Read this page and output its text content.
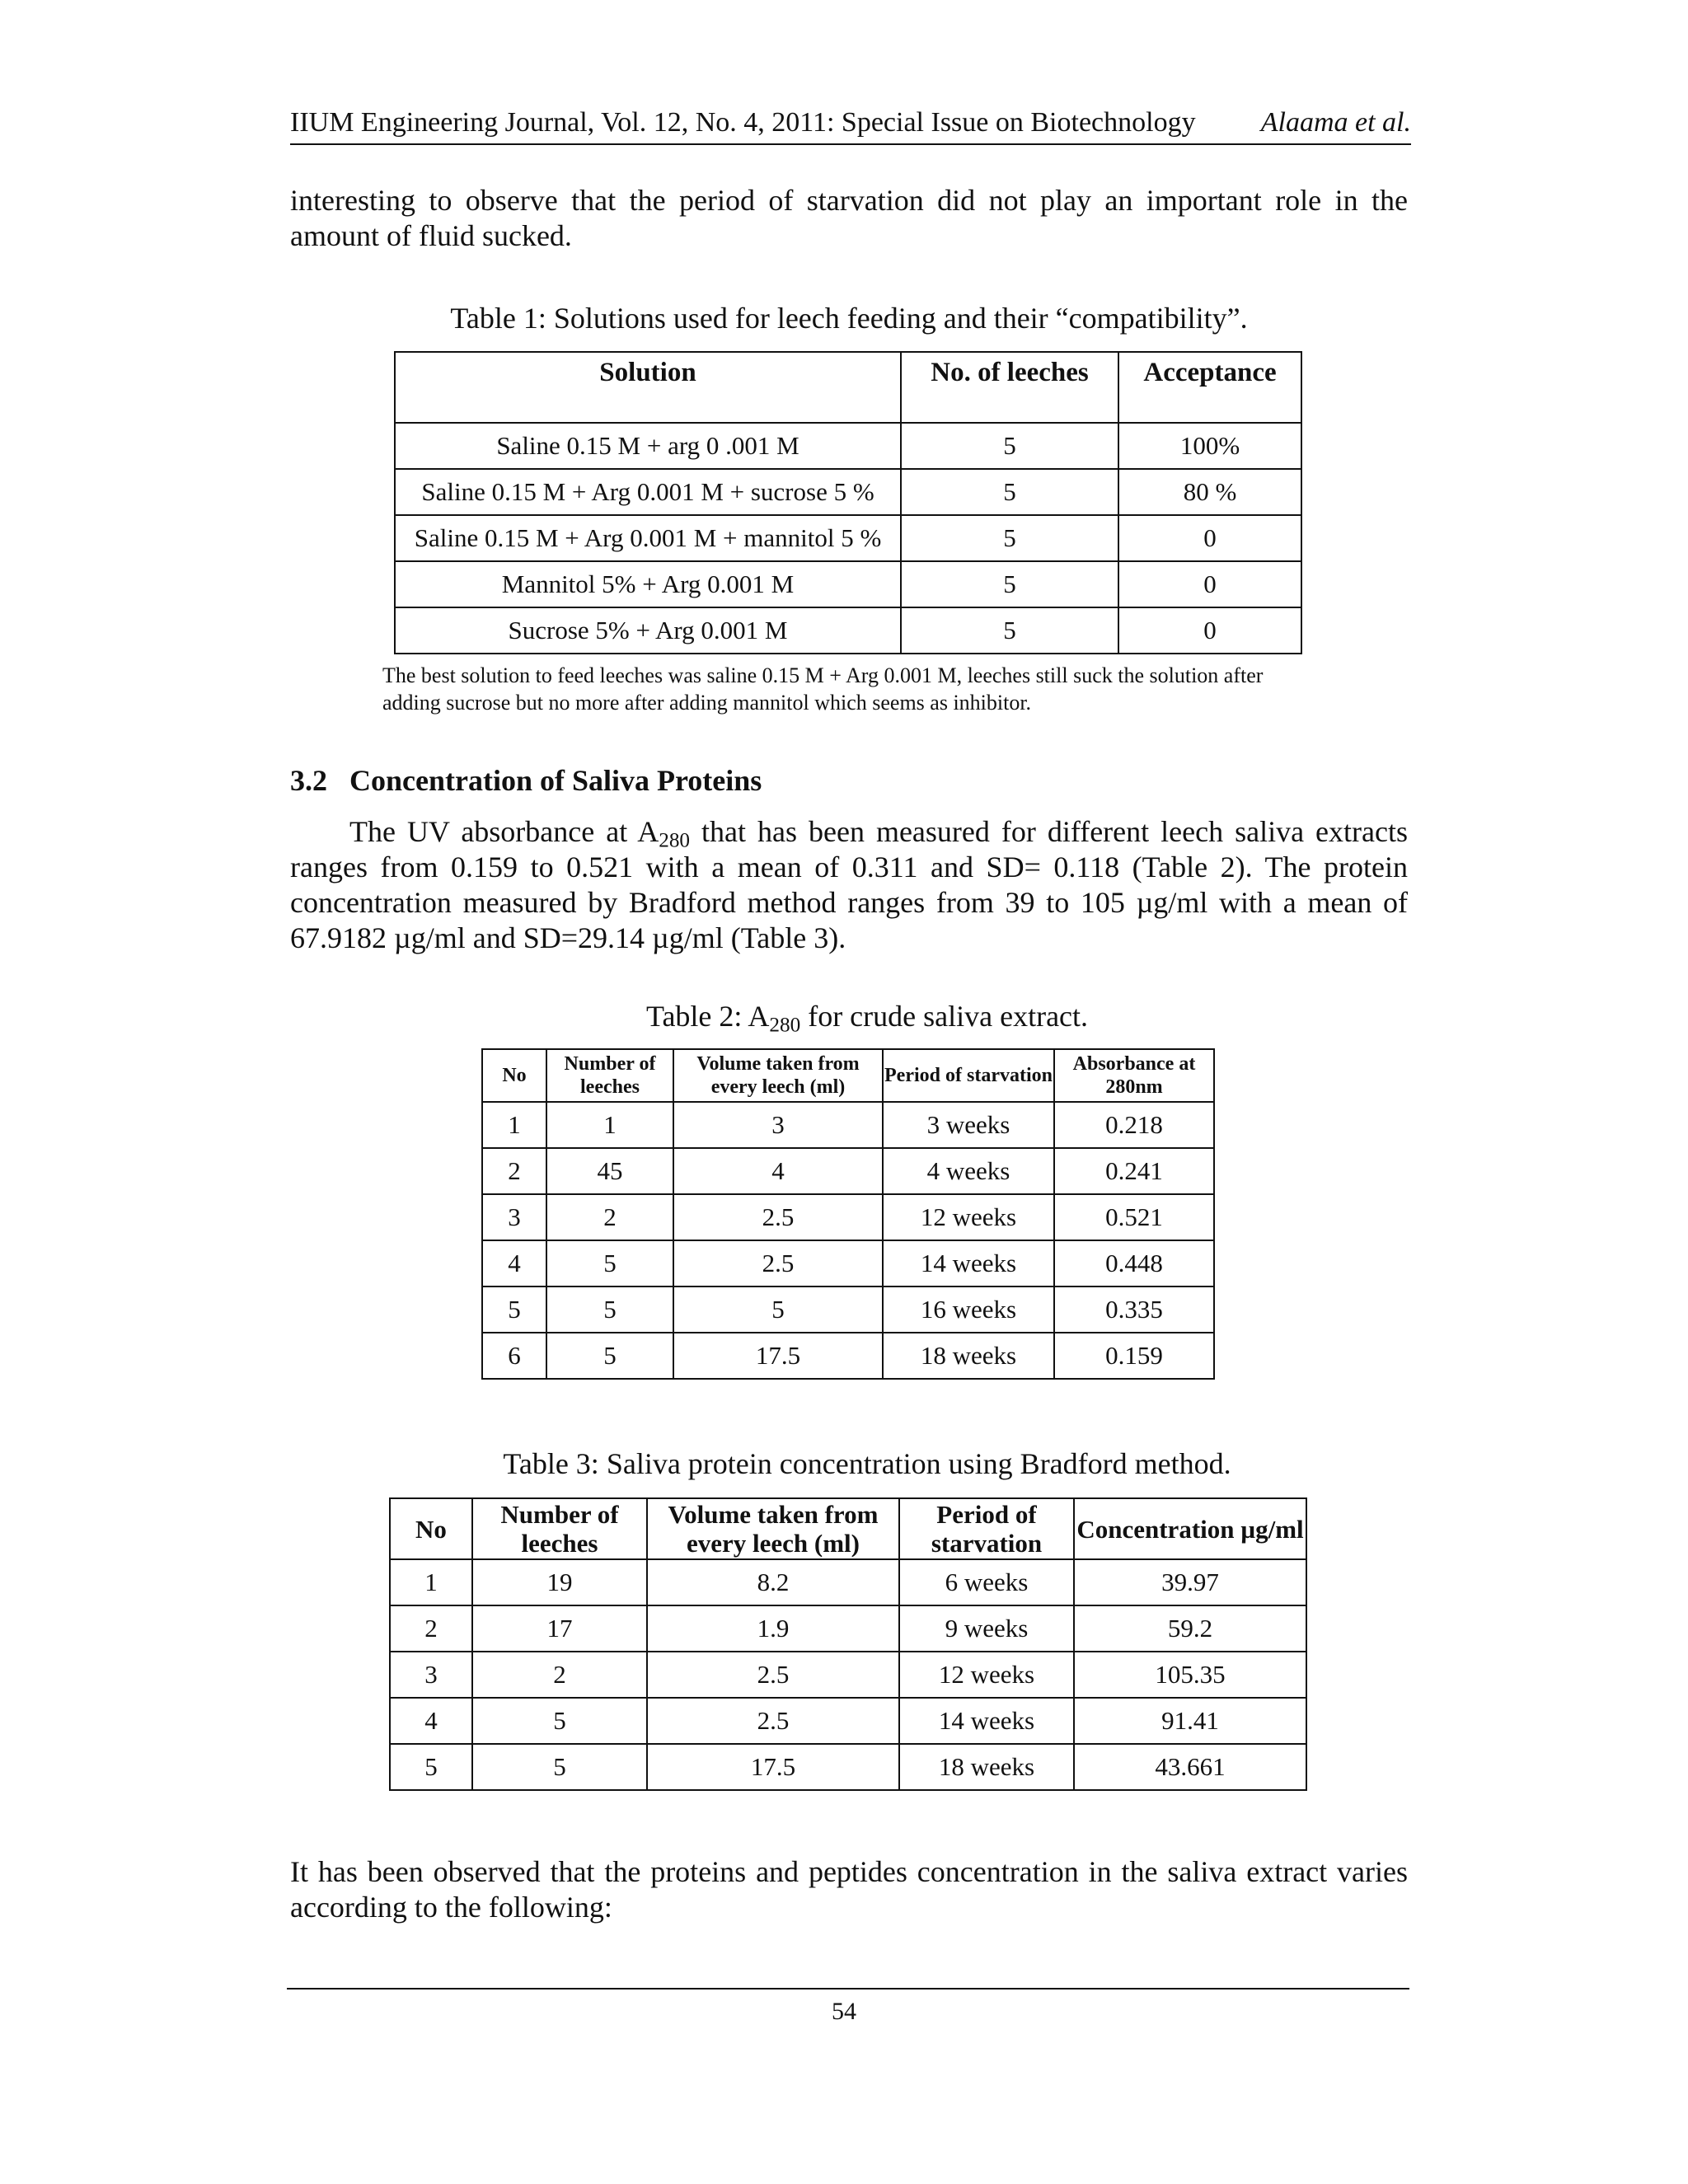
IIUM Engineering Journal, Vol. 12, No. 4, 2011: Special Issue on Biotechnology Alaama et al.

interesting to observe that the period of starvation did not play an important role in the amount of fluid sucked.

Table 1: Solutions used for leech feeding and their “compatibility”.
Solution	No. of leeches	Acceptance
Saline 0.15 M + arg 0 .001 M	5	100%
Saline 0.15 M + Arg 0.001 M + sucrose 5 %	5	80 %
Saline 0.15 M + Arg 0.001 M + mannitol 5 %	5	0
Mannitol 5% + Arg 0.001 M	5	0
Sucrose 5% + Arg 0.001 M	5	0

The best solution to feed leeches was saline 0.15 M + Arg 0.001 M, leeches still suck the solution after adding sucrose but no more after adding mannitol which seems as inhibitor.

3.2 Concentration of Saliva Proteins

The UV absorbance at $A_{280}$ that has been measured for different leech saliva extracts ranges from 0.159 to 0.521 with a mean of 0.311 and SD= 0.118 (Table 2). The protein concentration measured by Bradford method ranges from 39 to 105 µg/ml with a mean of 67.9182 µg/ml and SD=29.14 µg/ml (Table 3).

Table 2: $A_{280}$ for crude saliva extract.
No	Number of leeches	Volume taken from every leech (ml)	Period of starvation	Absorbance at 280nm
1	1	3	3 weeks	0.218
2	45	4	4 weeks	0.241
3	2	2.5	12 weeks	0.521
4	5	2.5	14 weeks	0.448
5	5	5	16 weeks	0.335
6	5	17.5	18 weeks	0.159
Table 3: Saliva protein concentration using Bradford method.
No	Number of leeches	Volume taken from every leech (ml)	Period of starvation	Concentration µg/ml
1	19	8.2	6 weeks	39.97
2	17	1.9	9 weeks	59.2
3	2	2.5	12 weeks	105.35
4	5	2.5	14 weeks	91.41
5	5	17.5	18 weeks	43.661

It has been observed that the proteins and peptides concentration in the saliva extract varies according to the following:

54
